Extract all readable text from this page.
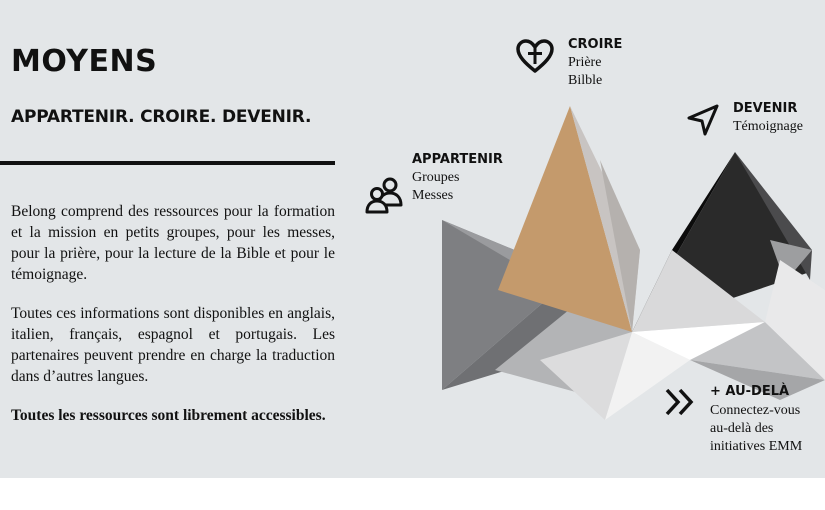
MOYENS
APPARTENIR. CROIRE. DEVENIR.

Belong comprend des ressources pour la formation et la mission en petits groupes, pour les messes, pour la prière, pour la lecture de la Bible et pour le témoignage.

Toutes ces informations sont disponibles en anglais, italien, français, espagnol et portugais. Les partenaires peuvent prendre en charge la traduction dans d’autres langues.

Toutes les ressources sont librement accessibles.

CROIRE
Prière
Bilble
DEVENIR
Témoignage
APPARTENIR
Groupes
Messes
+ AU-DELÀ
Connectez-vous
au-delà des
initiatives EMM
